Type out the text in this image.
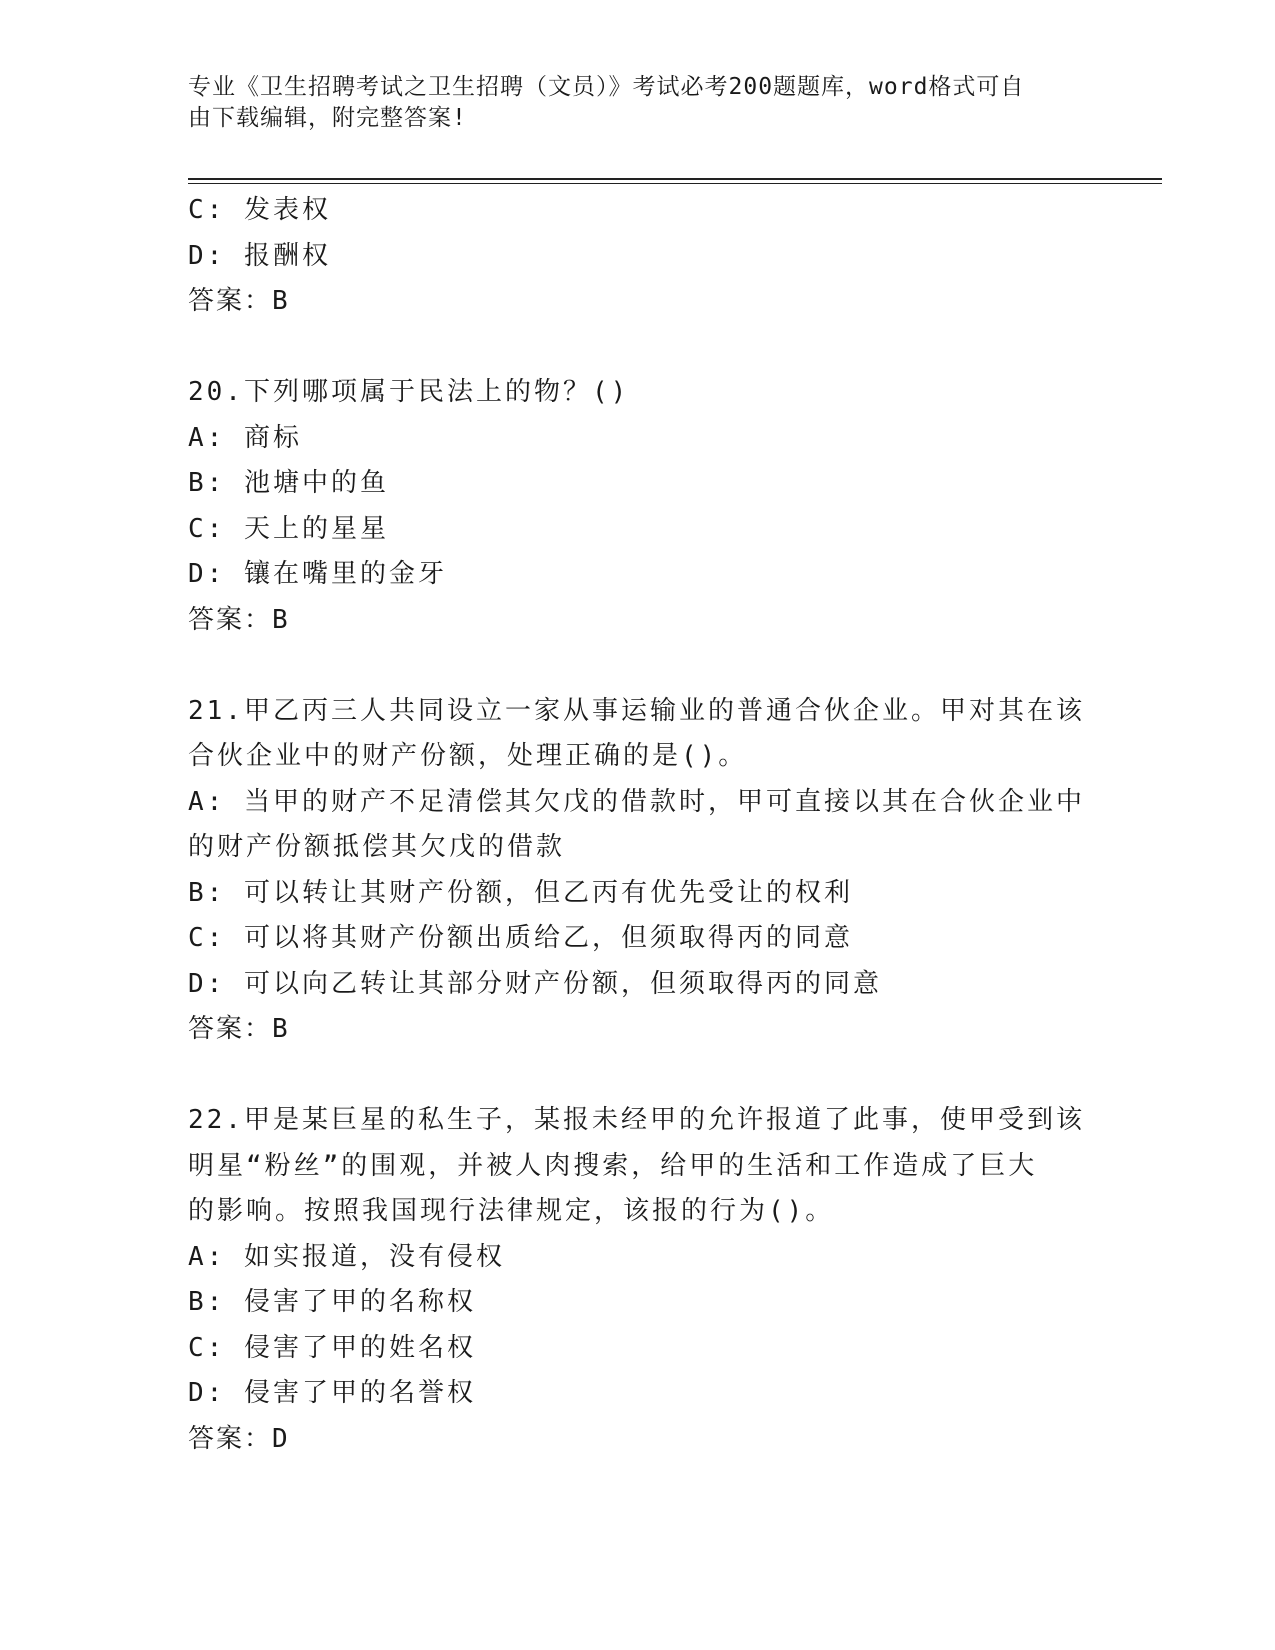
专业《卫生招聘考试之卫生招聘（文员）》考试必考200题题库，word格式可自
由下载编辑，附完整答案!
C: 发表权
D: 报酬权
答案：B
20.下列哪项属于民法上的物？()
A: 商标
B: 池塘中的鱼
C: 天上的星星
D: 镶在嘴里的金牙
答案：B
21.甲乙丙三人共同设立一家从事运输业的普通合伙企业。甲对其在该
合伙企业中的财产份额，处理正确的是()。
A: 当甲的财产不足清偿其欠戊的借款时，甲可直接以其在合伙企业中
的财产份额抵偿其欠戊的借款
B: 可以转让其财产份额，但乙丙有优先受让的权利
C: 可以将其财产份额出质给乙，但须取得丙的同意
D: 可以向乙转让其部分财产份额，但须取得丙的同意
答案：B
22.甲是某巨星的私生子，某报未经甲的允许报道了此事，使甲受到该
明星“粉丝”的围观，并被人肉搜索，给甲的生活和工作造成了巨大
的影响。按照我国现行法律规定，该报的行为()。
A: 如实报道，没有侵权
B: 侵害了甲的名称权
C: 侵害了甲的姓名权
D: 侵害了甲的名誉权
答案：D
